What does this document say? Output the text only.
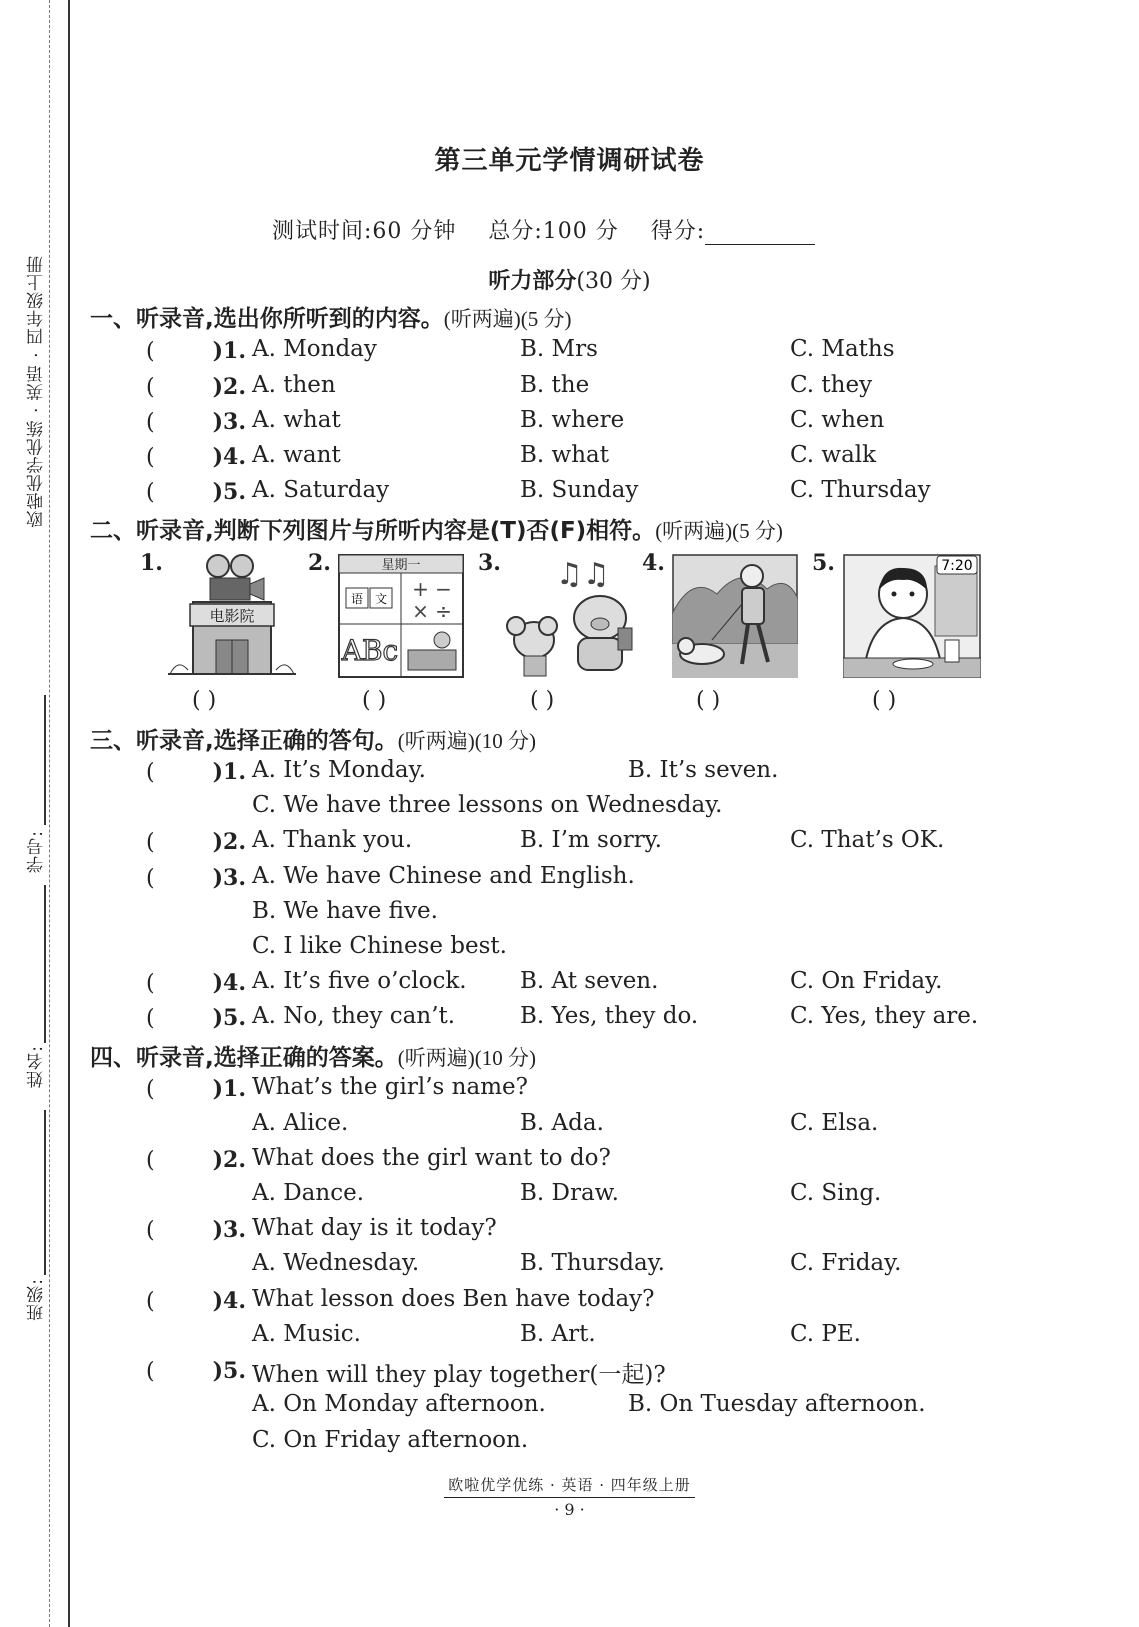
欧啦优学优练 · 英语 · 四年级上册
班级:
姓名:
学号:
第三单元学情调研试卷
测试时间:60 分钟 总分:100 分 得分:
听力部分(30 分)
一、听录音,选出你所听到的内容。(听两遍)(5 分)
(	)1. A. Monday	B. Mrs	C. Maths
(	)2. A. then	B. the	C. they
(	)3. A. what	B. where	C. when
(	)4. A. want	B. what	C. walk
(	)5. A. Saturday	B. Sunday	C. Thursday
二、听录音,判断下列图片与所听内容是(T)否(F)相符。(听两遍)(5 分)
1.
电影院
2.	星期一
语 文 + −
× ÷
ABc
3. ♫♫ 4.	5.	7:20
( )	( )	( )	( )	( )
三、听录音,选择正确的答句。(听两遍)(10 分)
(	)1. A. It’s Monday.	B. It’s seven.
C. We have three lessons on Wednesday.
(	)2. A. Thank you.	B. I’m sorry.	C. That’s OK.
(	)3. A. We have Chinese and English.
B. We have five.
C. I like Chinese best.
(	)4. A. It’s five o’clock. B. At seven.	C. On Friday.
(	)5. A. No, they can’t.	B. Yes, they do.	C. Yes, they are.
四、听录音,选择正确的答案。(听两遍)(10 分)
(	)1. What’s the girl’s name?
A. Alice.	B. Ada.	C. Elsa.
(	)2. What does the girl want to do?
A. Dance.	B. Draw.	C. Sing.
(	)3. What day is it today?
A. Wednesday.	B. Thursday.	C. Friday.
(	)4. What lesson does Ben have today?
A. Music.	B. Art.	C. PE.
(	)5. When will they play together(一起)?
A. On Monday afternoon.	B. On Tuesday afternoon.
C. On Friday afternoon.
欧啦优学优练 · 英语 · 四年级上册
· 9 ·
